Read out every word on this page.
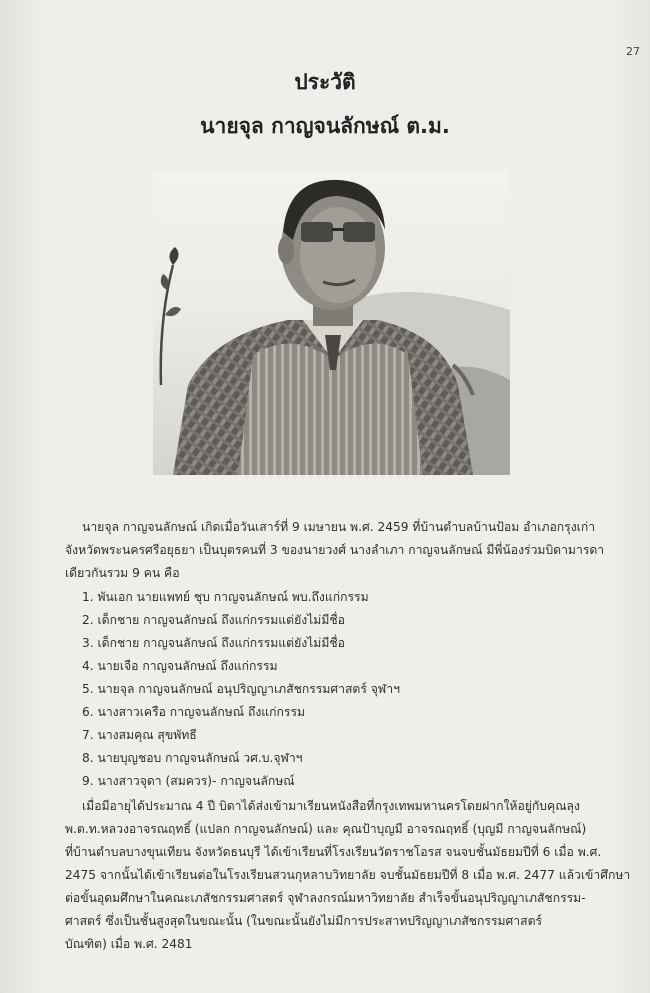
27
ประวัติ
นายจุล กาญจนลักษณ์ ต.ม.
นายจุล กาญจนลักษณ์ เกิดเมื่อวันเสาร์ที่ 9 เมษายน พ.ศ. 2459 ที่บ้านตำบลบ้านป้อม อำเภอกรุงเก่า
จังหวัดพระนครศรีอยุธยา เป็นบุตรคนที่ 3 ของนายวงศ์ นางลำเภา กาญจนลักษณ์ มีพี่น้องร่วมบิดามารดา
เดียวกันรวม 9 คน คือ
1. พันเอก นายแพทย์ ชุบ กาญจนลักษณ์ พบ.ถึงแก่กรรม
2. เด็กชาย กาญจนลักษณ์ ถึงแก่กรรมแต่ยังไม่มีชื่อ
3. เด็กชาย กาญจนลักษณ์ ถึงแก่กรรมแต่ยังไม่มีชื่อ
4. นายเจือ กาญจนลักษณ์ ถึงแก่กรรม
5. นายจุล กาญจนลักษณ์ อนุปริญญาเภสัชกรรมศาสตร์ จุฬาฯ
6. นางสาวเครือ กาญจนลักษณ์ ถึงแก่กรรม
7. นางสมคุณ สุขพัทธี
8. นายบุญชอบ กาญจนลักษณ์ วศ.บ.จุฬาฯ
9. นางสาวจุดา (สมควร)- กาญจนลักษณ์
เมื่อมีอายุได้ประมาณ 4 ปี บิดาได้ส่งเข้ามาเรียนหนังสือที่กรุงเทพมหานครโดยฝากให้อยู่กับคุณลุง
พ.ต.ท.หลวงอาจรณฤทธิ์ (แปลก กาญจนลักษณ์) และ คุณป้าบุญมี อาจรณฤทธิ์ (บุญมี กาญจนลักษณ์)
ที่บ้านตำบลบางขุนเทียน จังหวัดธนบุรี ได้เข้าเรียนที่โรงเรียนวัดราชโอรส จนจบชั้นมัธยมปีที่ 6 เมื่อ พ.ศ.
2475 จากนั้นได้เข้าเรียนต่อในโรงเรียนสวนกุหลาบวิทยาลัย จบชั้นมัธยมปีที่ 8 เมื่อ พ.ศ. 2477 แล้วเข้าศึกษา
ต่อขั้นอุดมศึกษาในคณะเภสัชกรรมศาสตร์ จุฬาลงกรณ์มหาวิทยาลัย สำเร็จขั้นอนุปริญญาเภสัชกรรม-
ศาสตร์ ซึ่งเป็นชั้นสูงสุดในขณะนั้น (ในขณะนั้นยังไม่มีการประสาทปริญญาเภสัชกรรมศาสตร์
บัณฑิต) เมื่อ พ.ศ. 2481
